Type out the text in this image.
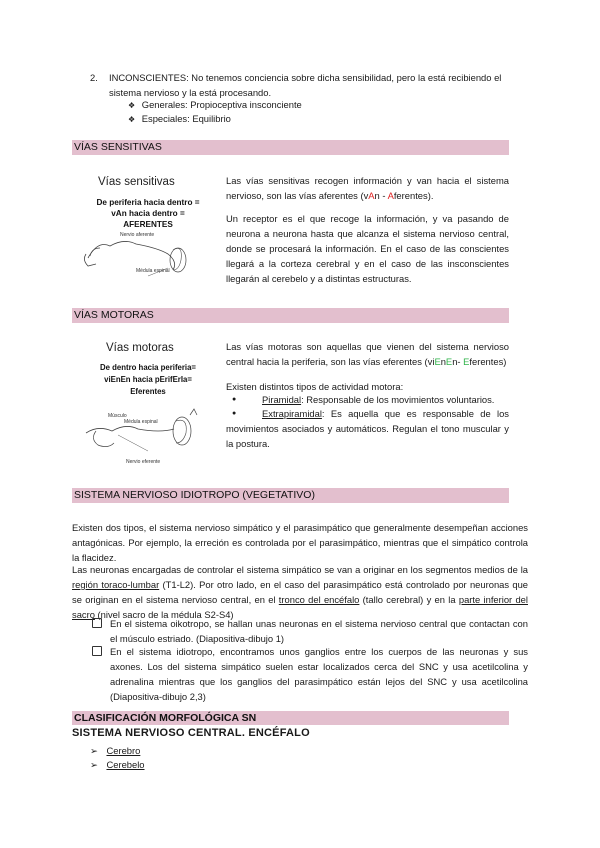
2. INCONSCIENTES: No tenemos conciencia sobre dicha sensibilidad, pero la está recibiendo el sistema nervioso y la está procesando.
❖ Generales: Propioceptiva insconciente
❖ Especiales: Equilibrio
VÍAS SENSITIVAS
Vías sensitivas
De periferia hacia dentro =
vAn hacia dentro =
AFERENTES
Nervio aferente
Médula espinal
Las vías sensitivas recogen información y van hacia el sistema nervioso, son las vías aferentes (vAn - Aferentes).
Un receptor es el que recoge la información, y va pasando de neurona a neurona hasta que alcanza el sistema nervioso central, donde se procesará la información. En el caso de las conscientes llegará a la corteza cerebral y en el caso de las insconscientes llegarán al cerebelo y a distintas estructuras.
VÍAS MOTORAS
Vías motoras
De dentro hacia periferia=
viEnEn hacia pErifErIa=
Eferentes
Músculo
Médula espinal
Nervio eferente
Las vías motoras son aquellas que vienen del sistema nervioso central hacia la periferia, son las vías eferentes (viEnEn- Eferentes)
Existen distintos tipos de actividad motora:
●	Piramidal: Responsable de los movimientos voluntarios.
●	Extrapiramidal: Es aquella que es responsable de los movimientos asociados y automáticos. Regulan el tono muscular y la postura.
SISTEMA NERVIOSO IDIOTROPO (VEGETATIVO)
Existen dos tipos, el sistema nervioso simpático y el parasimpático que generalmente desempeñan acciones antagónicas. Por ejemplo, la erreción es controlada por el parasimpático, mientras que el simpático controla la flacidez.
Las neuronas encargadas de controlar el sistema simpático se van a originar en los segmentos medios de la región toraco-lumbar (T1-L2). Por otro lado, en el caso del parasimpático está controlado por neuronas que se originan en el sistema nervioso central, en el tronco del encéfalo (tallo cerebral) y en la parte inferior del sacro (nivel sacro de la médula S2-S4)
En el sistema oikotropo, se hallan unas neuronas en el sistema nervioso central que contactan con el músculo estriado. (Diapositiva-dibujo 1)
En el sistema idiotropo, encontramos unos ganglios entre los cuerpos de las neuronas y sus axones. Los del sistema simpático suelen estar localizados cerca del SNC y usa acetilcolina y adrenalina mientras que los ganglios del parasimpático están lejos del SNC y usa acetilcolina (Diapositiva-dibujo 2,3)
CLASIFICACIÓN MORFOLÓGICA SN
SISTEMA NERVIOSO CENTRAL. ENCÉFALO
➢ Cerebro
➢ Cerebelo
